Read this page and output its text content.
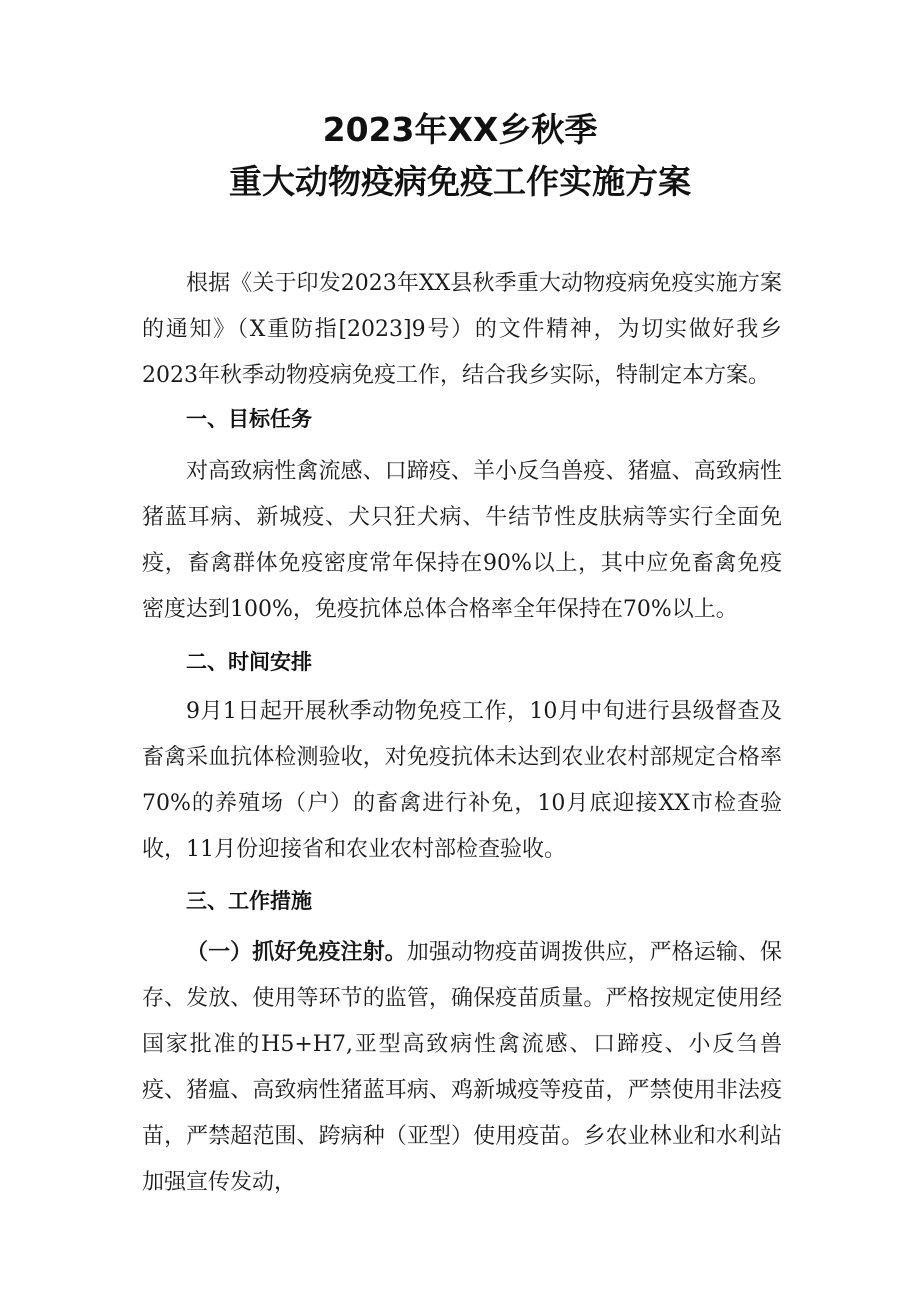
2023年XX乡秋季
重大动物疫病免疫工作实施方案

根据《关于印发2023年XX县秋季重大动物疫病免疫实施方案的通知》（X重防指[2023]9号）的文件精神，为切实做好我乡2023年秋季动物疫病免疫工作，结合我乡实际，特制定本方案。

一、目标任务

对高致病性禽流感、口蹄疫、羊小反刍兽疫、猪瘟、高致病性猪蓝耳病、新城疫、犬只狂犬病、牛结节性皮肤病等实行全面免疫，畜禽群体免疫密度常年保持在90%以上，其中应免畜禽免疫密度达到100%，免疫抗体总体合格率全年保持在70%以上。

二、时间安排

9月1日起开展秋季动物免疫工作，10月中旬进行县级督查及畜禽采血抗体检测验收，对免疫抗体未达到农业农村部规定合格率70%的养殖场（户）的畜禽进行补免，10月底迎接XX市检查验收，11月份迎接省和农业农村部检查验收。

三、工作措施

（一）抓好免疫注射。加强动物疫苗调拨供应，严格运输、保存、发放、使用等环节的监管，确保疫苗质量。严格按规定使用经国家批准的H5+H7,亚型高致病性禽流感、口蹄疫、小反刍兽疫、猪瘟、高致病性猪蓝耳病、鸡新城疫等疫苗，严禁使用非法疫苗，严禁超范围、跨病种（亚型）使用疫苗。乡农业林业和水利站加强宣传发动，
